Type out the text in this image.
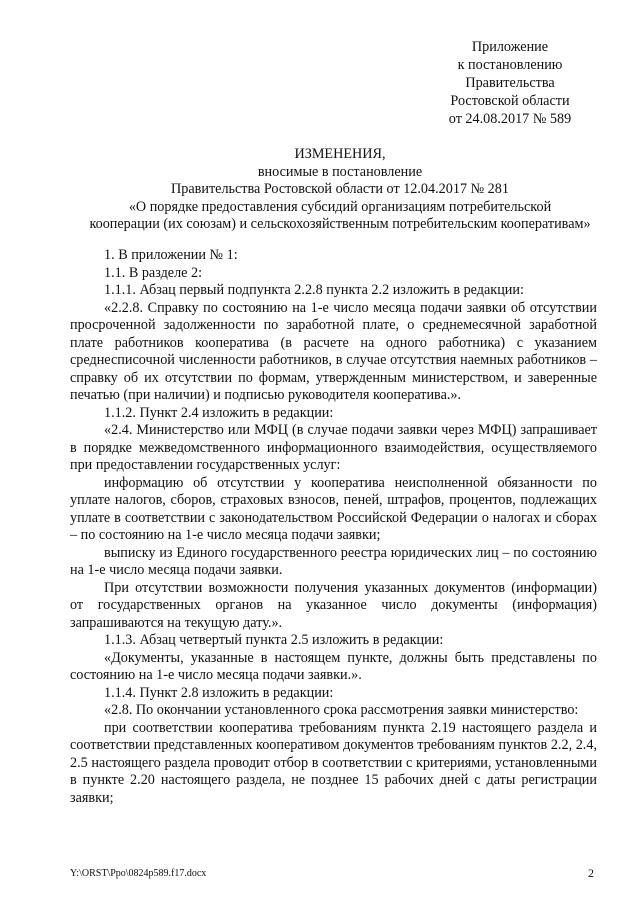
Приложение
к постановлению
Правительства
Ростовской области
от 24.08.2017 № 589
ИЗМЕНЕНИЯ,
вносимые в постановление
Правительства Ростовской области от 12.04.2017 № 281
«О порядке предоставления субсидий организациям потребительской
кооперации (их союзам) и сельскохозяйственным потребительским кооперативам»

1. В приложении № 1:

1.1. В разделе 2:

1.1.1. Абзац первый подпункта 2.2.8 пункта 2.2 изложить в редакции:

«2.2.8. Справку по состоянию на 1-е число месяца подачи заявки об отсутствии просроченной задолженности по заработной плате, о среднемесячной заработной плате работников кооператива (в расчете на одного работника) с указанием среднесписочной численности работников, в случае отсутствия наемных работников – справку об их отсутствии по формам, утвержденным министерством, и заверенные печатью (при наличии) и подписью руководителя кооператива.».

1.1.2. Пункт 2.4 изложить в редакции:

«2.4. Министерство или МФЦ (в случае подачи заявки через МФЦ) запрашивает в порядке межведомственного информационного взаимодействия, осуществляемого при предоставлении государственных услуг:

информацию об отсутствии у кооператива неисполненной обязанности по уплате налогов, сборов, страховых взносов, пеней, штрафов, процентов, подлежащих уплате в соответствии с законодательством Российской Федерации о налогах и сборах – по состоянию на 1-е число месяца подачи заявки;

выписку из Единого государственного реестра юридических лиц – по состоянию на 1-е число месяца подачи заявки.

При отсутствии возможности получения указанных документов (информации) от государственных органов на указанное число документы (информация) запрашиваются на текущую дату.».

1.1.3. Абзац четвертый пункта 2.5 изложить в редакции:

«Документы, указанные в настоящем пункте, должны быть представлены по состоянию на 1-е число месяца подачи заявки.».

1.1.4. Пункт 2.8 изложить в редакции:

«2.8. По окончании установленного срока рассмотрения заявки министерство:

при соответствии кооператива требованиям пункта 2.19 настоящего раздела и соответствии представленных кооперативом документов требованиям пунктов 2.2, 2.4, 2.5 настоящего раздела проводит отбор в соответствии с критериями, установленными в пункте 2.20 настоящего раздела, не позднее 15 рабочих дней с даты регистрации заявки;

Y:\ORST\Ppo\0824p589.f17.docx	2
